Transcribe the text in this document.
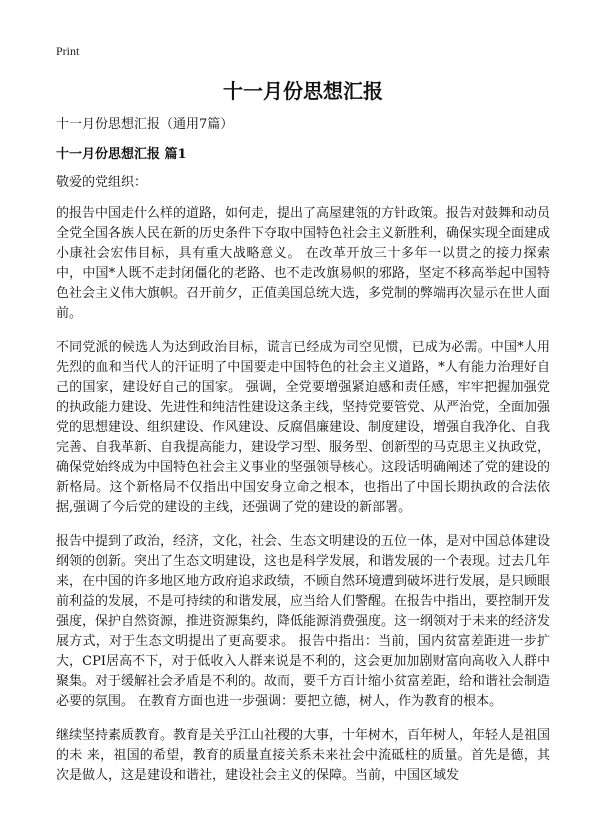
Print
十一月份思想汇报

十一月份思想汇报（通用7篇）

十一月份思想汇报 篇1

敬爱的党组织：

的报告中国走什么样的道路，如何走，提出了高屋建瓴的方针政策。报告对鼓舞和动员全党全国各族人民在新的历史条件下夺取中国特色社会主义新胜利，确保实现全面建成小康社会宏伟目标，具有重大战略意义。 在改革开放三十多年一以贯之的接力探索中，中国*人既不走封闭僵化的老路、也不走改旗易帜的邪路，坚定不移高举起中国特色社会主义伟大旗帜。召开前夕，正值美国总统大选，多党制的弊端再次显示在世人面前。

不同党派的候选人为达到政治目标，谎言已经成为司空见惯，已成为必需。中国*人用先烈的血和当代人的汗证明了中国要走中国特色的社会主义道路，*人有能力治理好自己的国家，建设好自己的国家。 强调，全党要增强紧迫感和责任感，牢牢把握加强党的执政能力建设、先进性和纯洁性建设这条主线，坚持党要管党、从严治党，全面加强党的思想建设、组织建设、作风建设、反腐倡廉建设、制度建设，增强自我净化、自我完善、自我革新、自我提高能力，建设学习型、服务型、创新型的马克思主义执政党，确保党始终成为中国特色社会主义事业的坚强领导核心。这段话明确阐述了党的建设的新格局。这个新格局不仅指出中国安身立命之根本，也指出了中国长期执政的合法依据,强调了今后党的建设的主线，还强调了党的建设的新部署。

报告中提到了政治，经济，文化，社会、生态文明建设的五位一体，是对中国总体建设纲领的创新。突出了生态文明建设，这也是科学发展，和谐发展的一个表现。过去几年来，在中国的许多地区地方政府追求政绩，不顾自然环境遭到破坏进行发展，是只顾眼前利益的发展，不是可持续的和谐发展，应当给人们警醒。在报告中指出，要控制开发强度，保护自然资源，推进资源集约，降低能源消费强度。这一纲领对于未来的经济发展方式，对于生态文明提出了更高要求。 报告中指出：当前，国内贫富差距进一步扩大，CPI居高不下，对于低收入人群来说是不利的，这会更加加剧财富向高收入人群中聚集。对于缓解社会矛盾是不利的。故而，要千方百计缩小贫富差距，给和谐社会制造必要的氛围。 在教育方面也进一步强调：要把立德，树人，作为教育的根本。

继续坚持素质教育。教育是关乎江山社稷的大事，十年树木，百年树人，年轻人是祖国的未 来，祖国的希望，教育的质量直接关系未来社会中流砥柱的质量。首先是德，其次是做人，这是建设和谐社，建设社会主义的保障。当前，中国区域发
